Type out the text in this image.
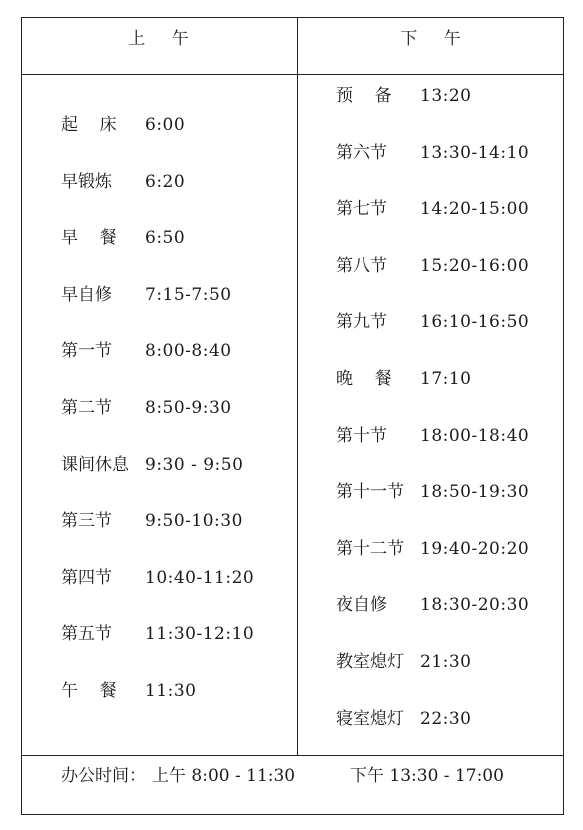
上    午	下    午
起    床 6:00
早锻炼 6:20
早    餐 6:50
早自修 7:15-7:50
第一节 8:00-8:40
第二节 8:50-9:30
课间休息 9:30 - 9:50
第三节 9:50-10:30
第四节 10:40-11:20
第五节 11:30-12:10
午    餐 11:30
预    备 13:20
第六节 13:30-14:10
第七节 14:20-15:00
第八节 15:20-16:00
第九节 16:10-16:50
晚    餐 17:10
第十节 18:00-18:40
第十一节 18:50-19:30
第十二节 19:40-20:20
夜自修 18:30-20:30
教室熄灯 21:30
寝室熄灯 22:30
办公时间： 上午 8:00 - 11:30	下午 13:30 - 17:00
